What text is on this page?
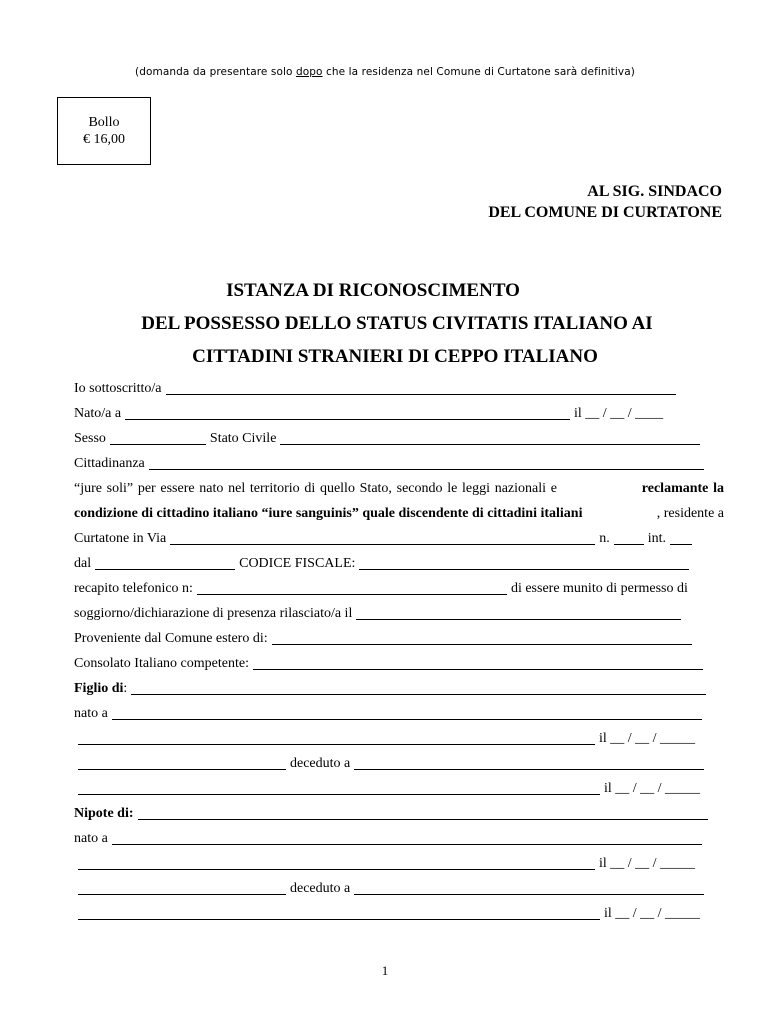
(domanda da presentare solo dopo che la residenza nel Comune di Curtatone sarà definitiva)
Bollo
€ 16,00
AL SIG. SINDACO
DEL COMUNE DI CURTATONE
ISTANZA DI RICONOSCIMENTO
DEL POSSESSO DELLO STATUS CIVITATIS ITALIANO AI
CITTADINI STRANIERI DI CEPPO ITALIANO
Io sottoscritto/a
Nato/a a	il __ / __ / ____
Sesso	Stato Civile
Cittadinanza
“jure soli” per essere nato nel territorio di quello Stato, secondo le leggi nazionali e	reclamante la
condizione di cittadino italiano “iure sanguinis” quale discendente di cittadini italiani	, residente a
Curtatone in Via	n.	int.
dal	CODICE FISCALE:
recapito telefonico n:	di essere munito di permesso di
soggiorno/dichiarazione di presenza rilasciato/a il
Proveniente dal Comune estero di:
Consolato Italiano competente:
Figlio di :
nato a
il __ / __ / _____
deceduto a
il __ / __ / _____
Nipote di:
nato a
il __ / __ / _____
deceduto a
il __ / __ / _____
1
